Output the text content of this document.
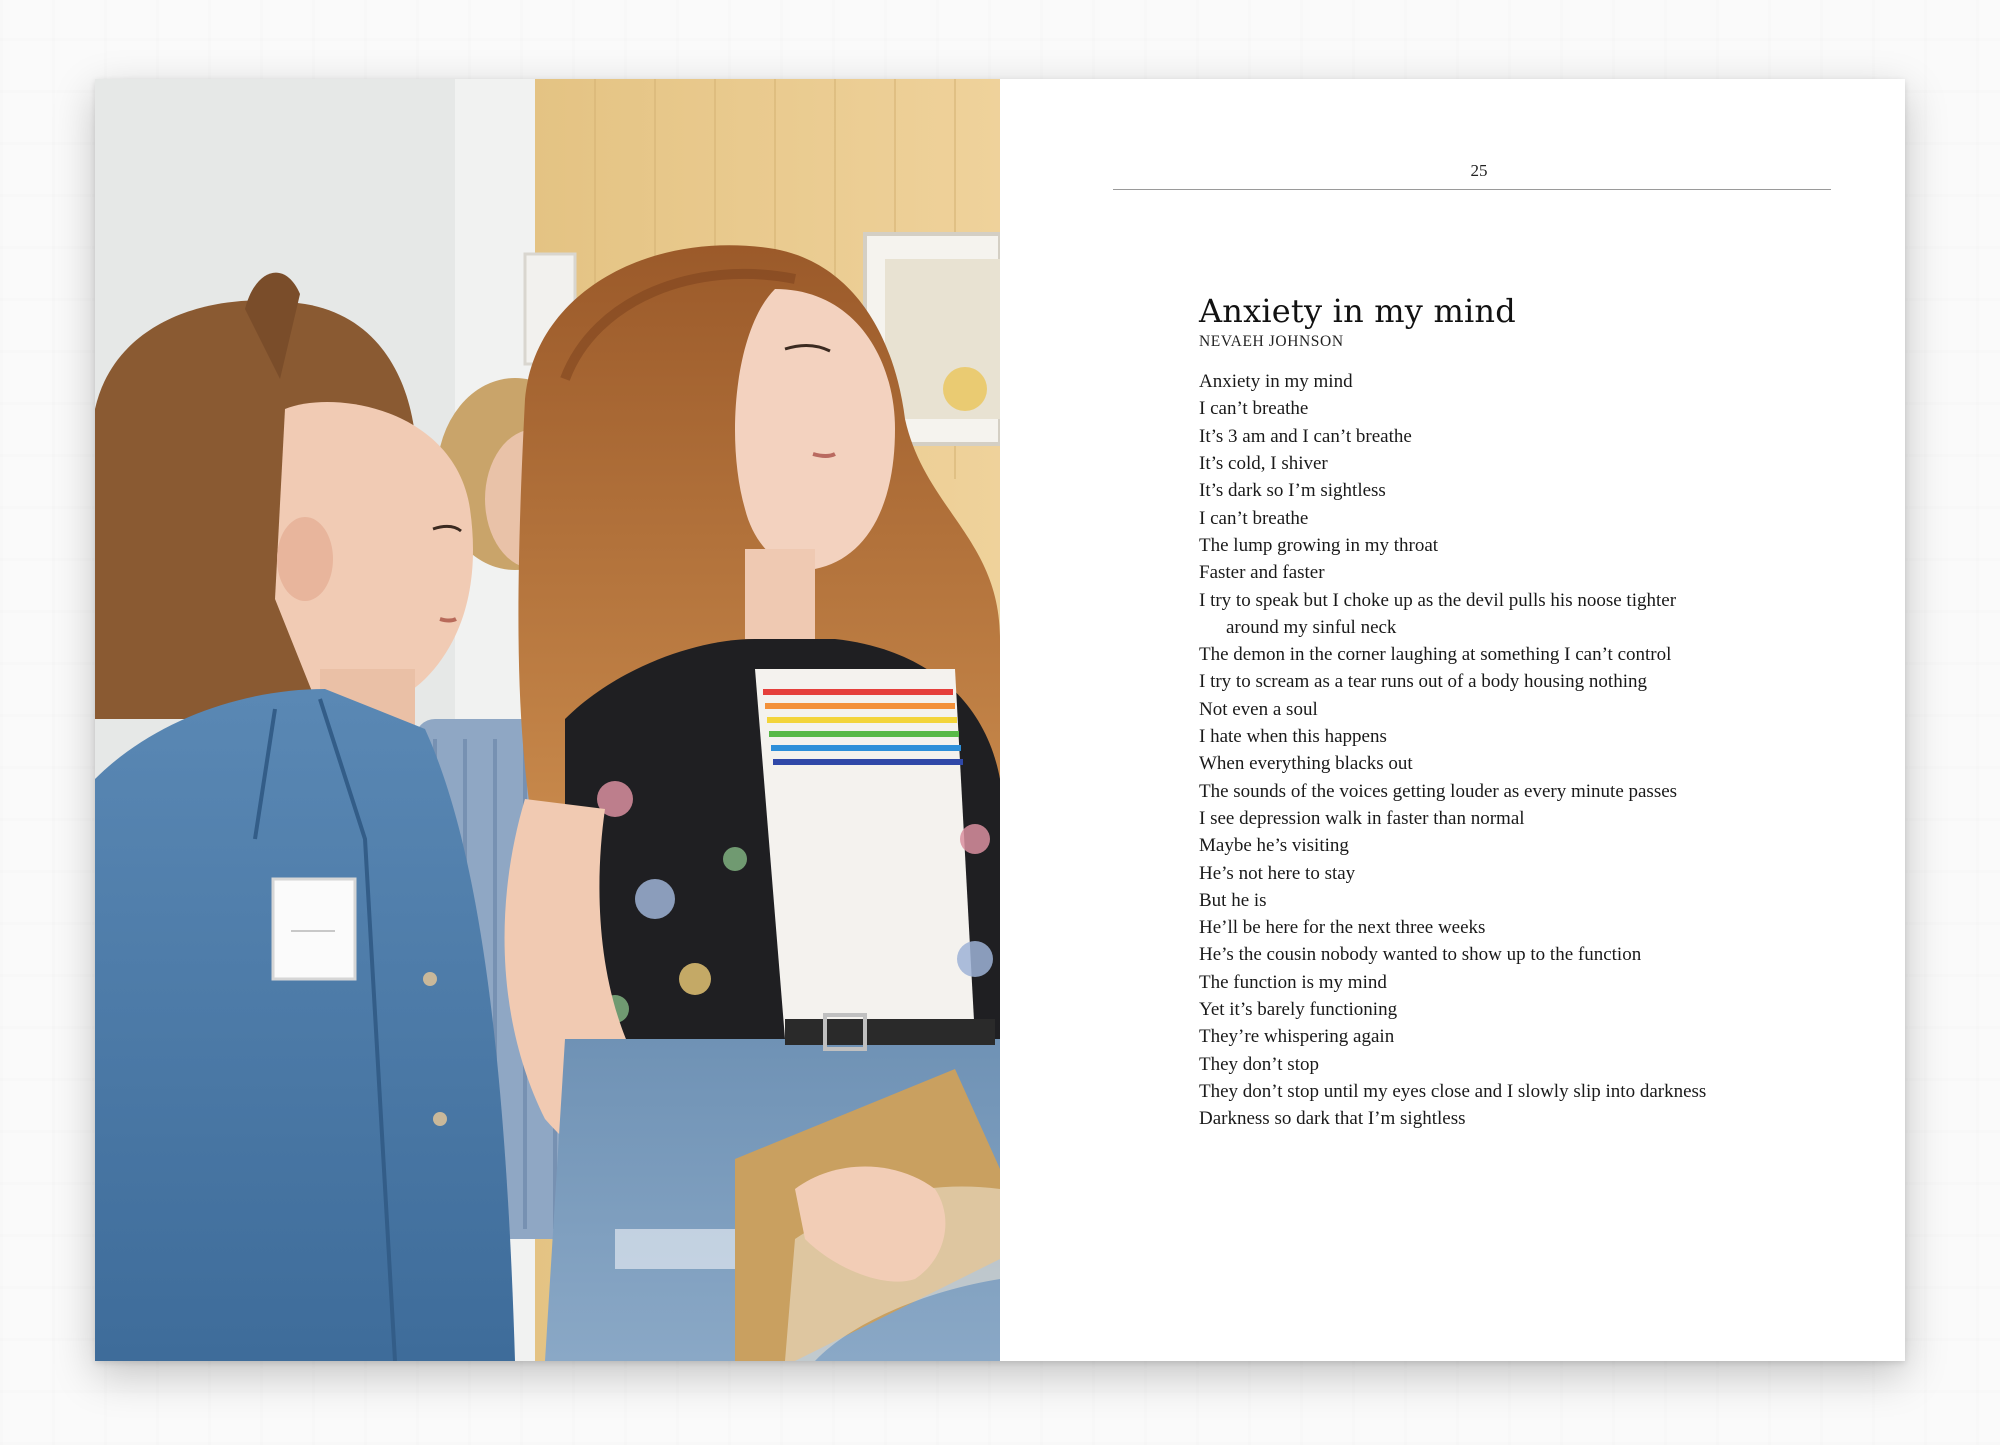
25
Anxiety in my mind
NEVAEH JOHNSON
Anxiety in my mind
I can’t breathe
It’s 3 am and I can’t breathe
It’s cold, I shiver
It’s dark so I’m sightless
I can’t breathe
The lump growing in my throat
Faster and faster
I try to speak but I choke up as the devil pulls his noose tighter
around my sinful neck
The demon in the corner laughing at something I can’t control
I try to scream as a tear runs out of a body housing nothing
Not even a soul
I hate when this happens
When everything blacks out
The sounds of the voices getting louder as every minute passes
I see depression walk in faster than normal
Maybe he’s visiting
He’s not here to stay
But he is
He’ll be here for the next three weeks
He’s the cousin nobody wanted to show up to the function
The function is my mind
Yet it’s barely functioning
They’re whispering again
They don’t stop
They don’t stop until my eyes close and I slowly slip into darkness
Darkness so dark that I’m sightless
